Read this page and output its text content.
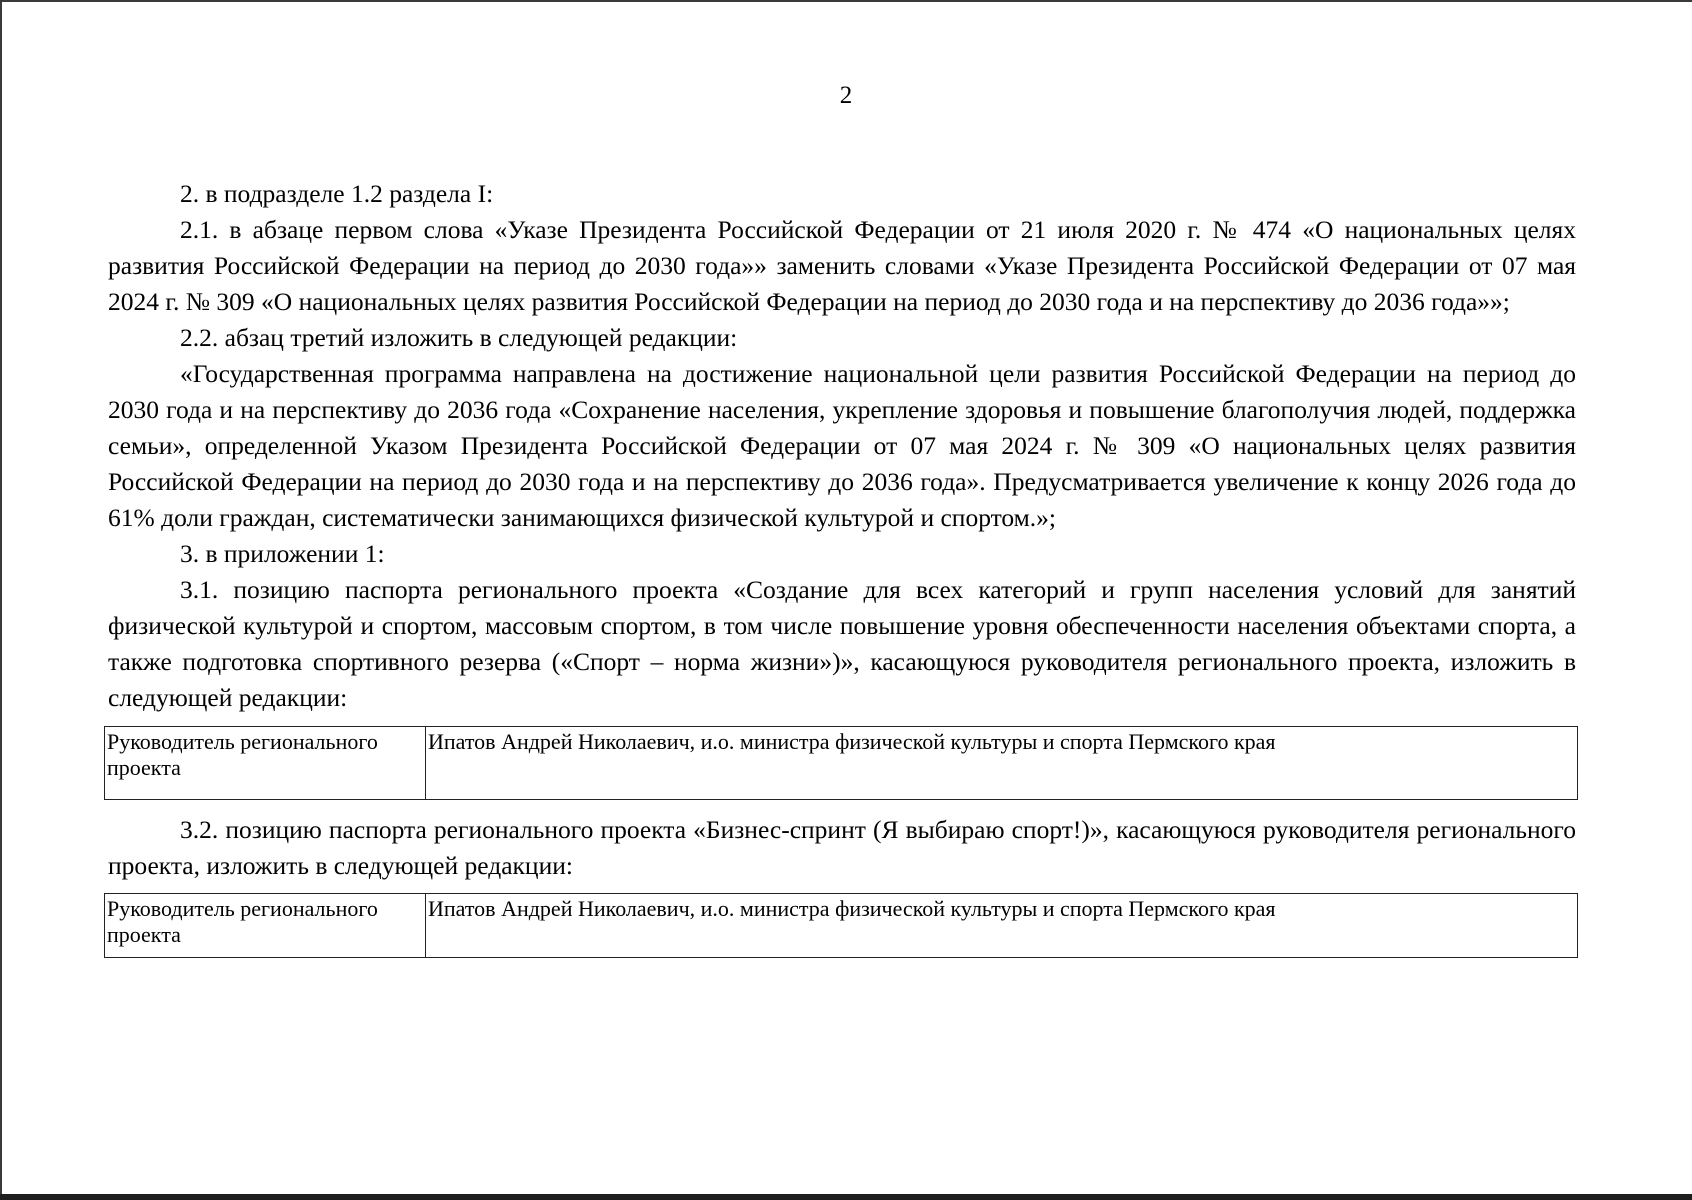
2

2. в подразделе 1.2 раздела I:

2.1. в абзаце первом слова «Указе Президента Российской Федерации от 21 июля 2020 г. № 474 «О национальных целях развития Российской Федерации на период до 2030 года»» заменить словами «Указе Президента Российской Федерации от 07 мая 2024 г. № 309 «О национальных целях развития Российской Федерации на период до 2030 года и на перспективу до 2036 года»»;

2.2. абзац третий изложить в следующей редакции:

«Государственная программа направлена на достижение национальной цели развития Российской Федерации на период до 2030 года и на перспективу до 2036 года «Сохранение населения, укрепление здоровья и повышение благополучия людей, поддержка семьи», определенной Указом Президента Российской Федерации от 07 мая 2024 г. № 309 «О национальных целях развития Российской Федерации на период до 2030 года и на перспективу до 2036 года». Предусматривается увеличение к концу 2026 года до 61% доли граждан, систематически занимающихся физической культурой и спортом.»;

3. в приложении 1:

3.1. позицию паспорта регионального проекта «Создание для всех категорий и групп населения условий для занятий физической культурой и спортом, массовым спортом, в том числе повышение уровня обеспеченности населения объектами спорта, а также подготовка спортивного резерва («Спорт – норма жизни»)», касающуюся руководителя регионального проекта, изложить в следующей редакции:

Руководитель регионального проекта	Ипатов Андрей Николаевич, и.о. министра физической культуры и спорта Пермского края

3.2. позицию паспорта регионального проекта «Бизнес-спринт (Я выбираю спорт!)», касающуюся руководителя регионального проекта, изложить в следующей редакции:

Руководитель регионального проекта	Ипатов Андрей Николаевич, и.о. министра физической культуры и спорта Пермского края
